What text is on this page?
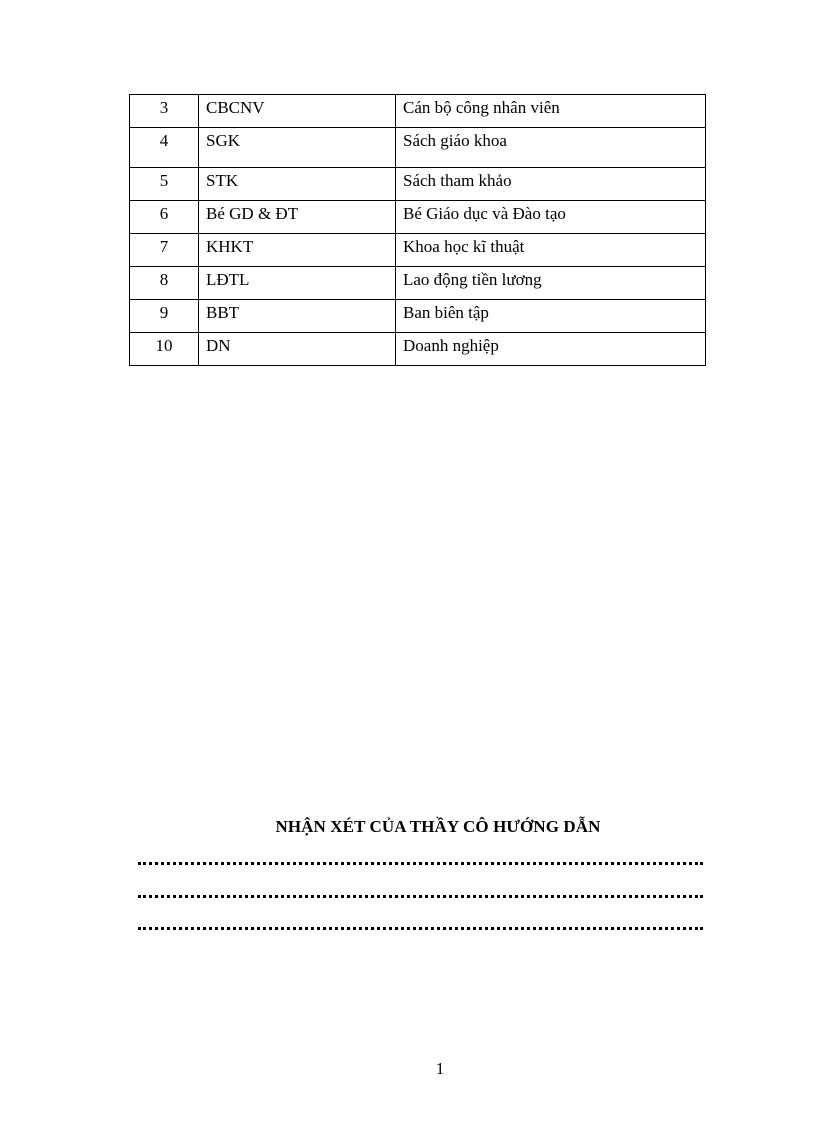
3	CBCNV	Cán bộ công nhân viên
4	SGK	Sách giáo khoa
5	STK	Sách tham khảo
6	Bé GD & ĐT	Bé Giáo dục và Đào tạo
7	KHKT	Khoa học kĩ thuật
8	LĐTL	Lao động tiền lương
9	BBT	Ban biên tập
10	DN	Doanh nghiệp
NHẬN XÉT CỦA THẦY CÔ HƯỚNG DẪN
1
